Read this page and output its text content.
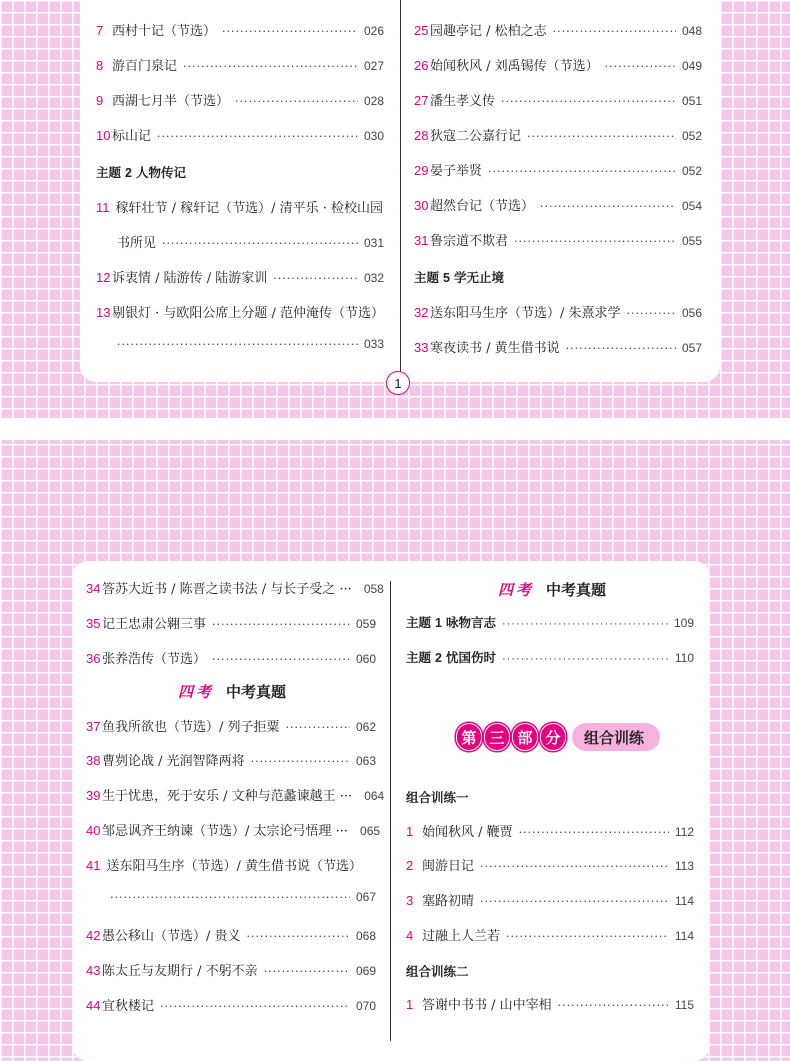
7 西村十记（节选） ·····	026
8 游百门泉记 ·····	027
9 西湖七月半（节选） ·····	028
10 标山记 ·····	030
主题 2 人物传记
11 稼轩壮节 / 稼轩记（节选）/ 清平乐 · 检校山园
书所见 ·····	031
12 诉衷情 / 陆游传 / 陆游家训 ·····	032
13 剔银灯 · 与欧阳公席上分题 / 范仲淹传（节选）
·····
033
25 园趣亭记 / 松柏之志 ·····	048
26 始闻秋风 / 刘禹锡传（节选） ·····	049
27 潘生孝义传 ·····	051
28 狄寇二公嘉行记 ·····	052
29 晏子举贤 ·····	052
30 超然台记（节选） ·····	054
31 鲁宗道不欺君 ·····	055
主题 5 学无止境
32 送东阳马生序（节选）/ 朱熹求学 ·····	056
33 寒夜读书 / 黄生借书说 ·····	057
1
34 答苏大近书 / 陈晋之读书法 / 与长子受之 ··· 058
35 记王忠肃公翱三事 ·····	059
36 张养浩传（节选） ·····	060
四考 中考真题
37 鱼我所欲也（节选）/ 列子拒粟 ·····	062
38 曹刿论战 / 光润智降两将 ·····	063
39 生于忧患，死于安乐 / 文种与范蠡谏越王 ··· 064
40 邹忌讽齐王纳谏（节选）/ 太宗论弓悟理 ··· 065
41 送东阳马生序（节选）/ 黄生借书说（节选）
·····
067
42 愚公移山（节选）/ 贵义 ·····	068
43 陈太丘与友期行 / 不躬不亲 ·····	069
44 宜秋楼记 ·····	070
四考 中考真题
主题 1 咏物言志 ·····	109
主题 2 忧国伤时 ·····	110
组合训练一
1 始闻秋风 / 鞭贾 ·····	112
2 闽游日记 ·····	113
3 塞路初晴 ·····	114
4 过融上人兰若 ·····	114
组合训练二
1 答谢中书书 / 山中宰相 ·····	115
第 三 部 分	组合训练
